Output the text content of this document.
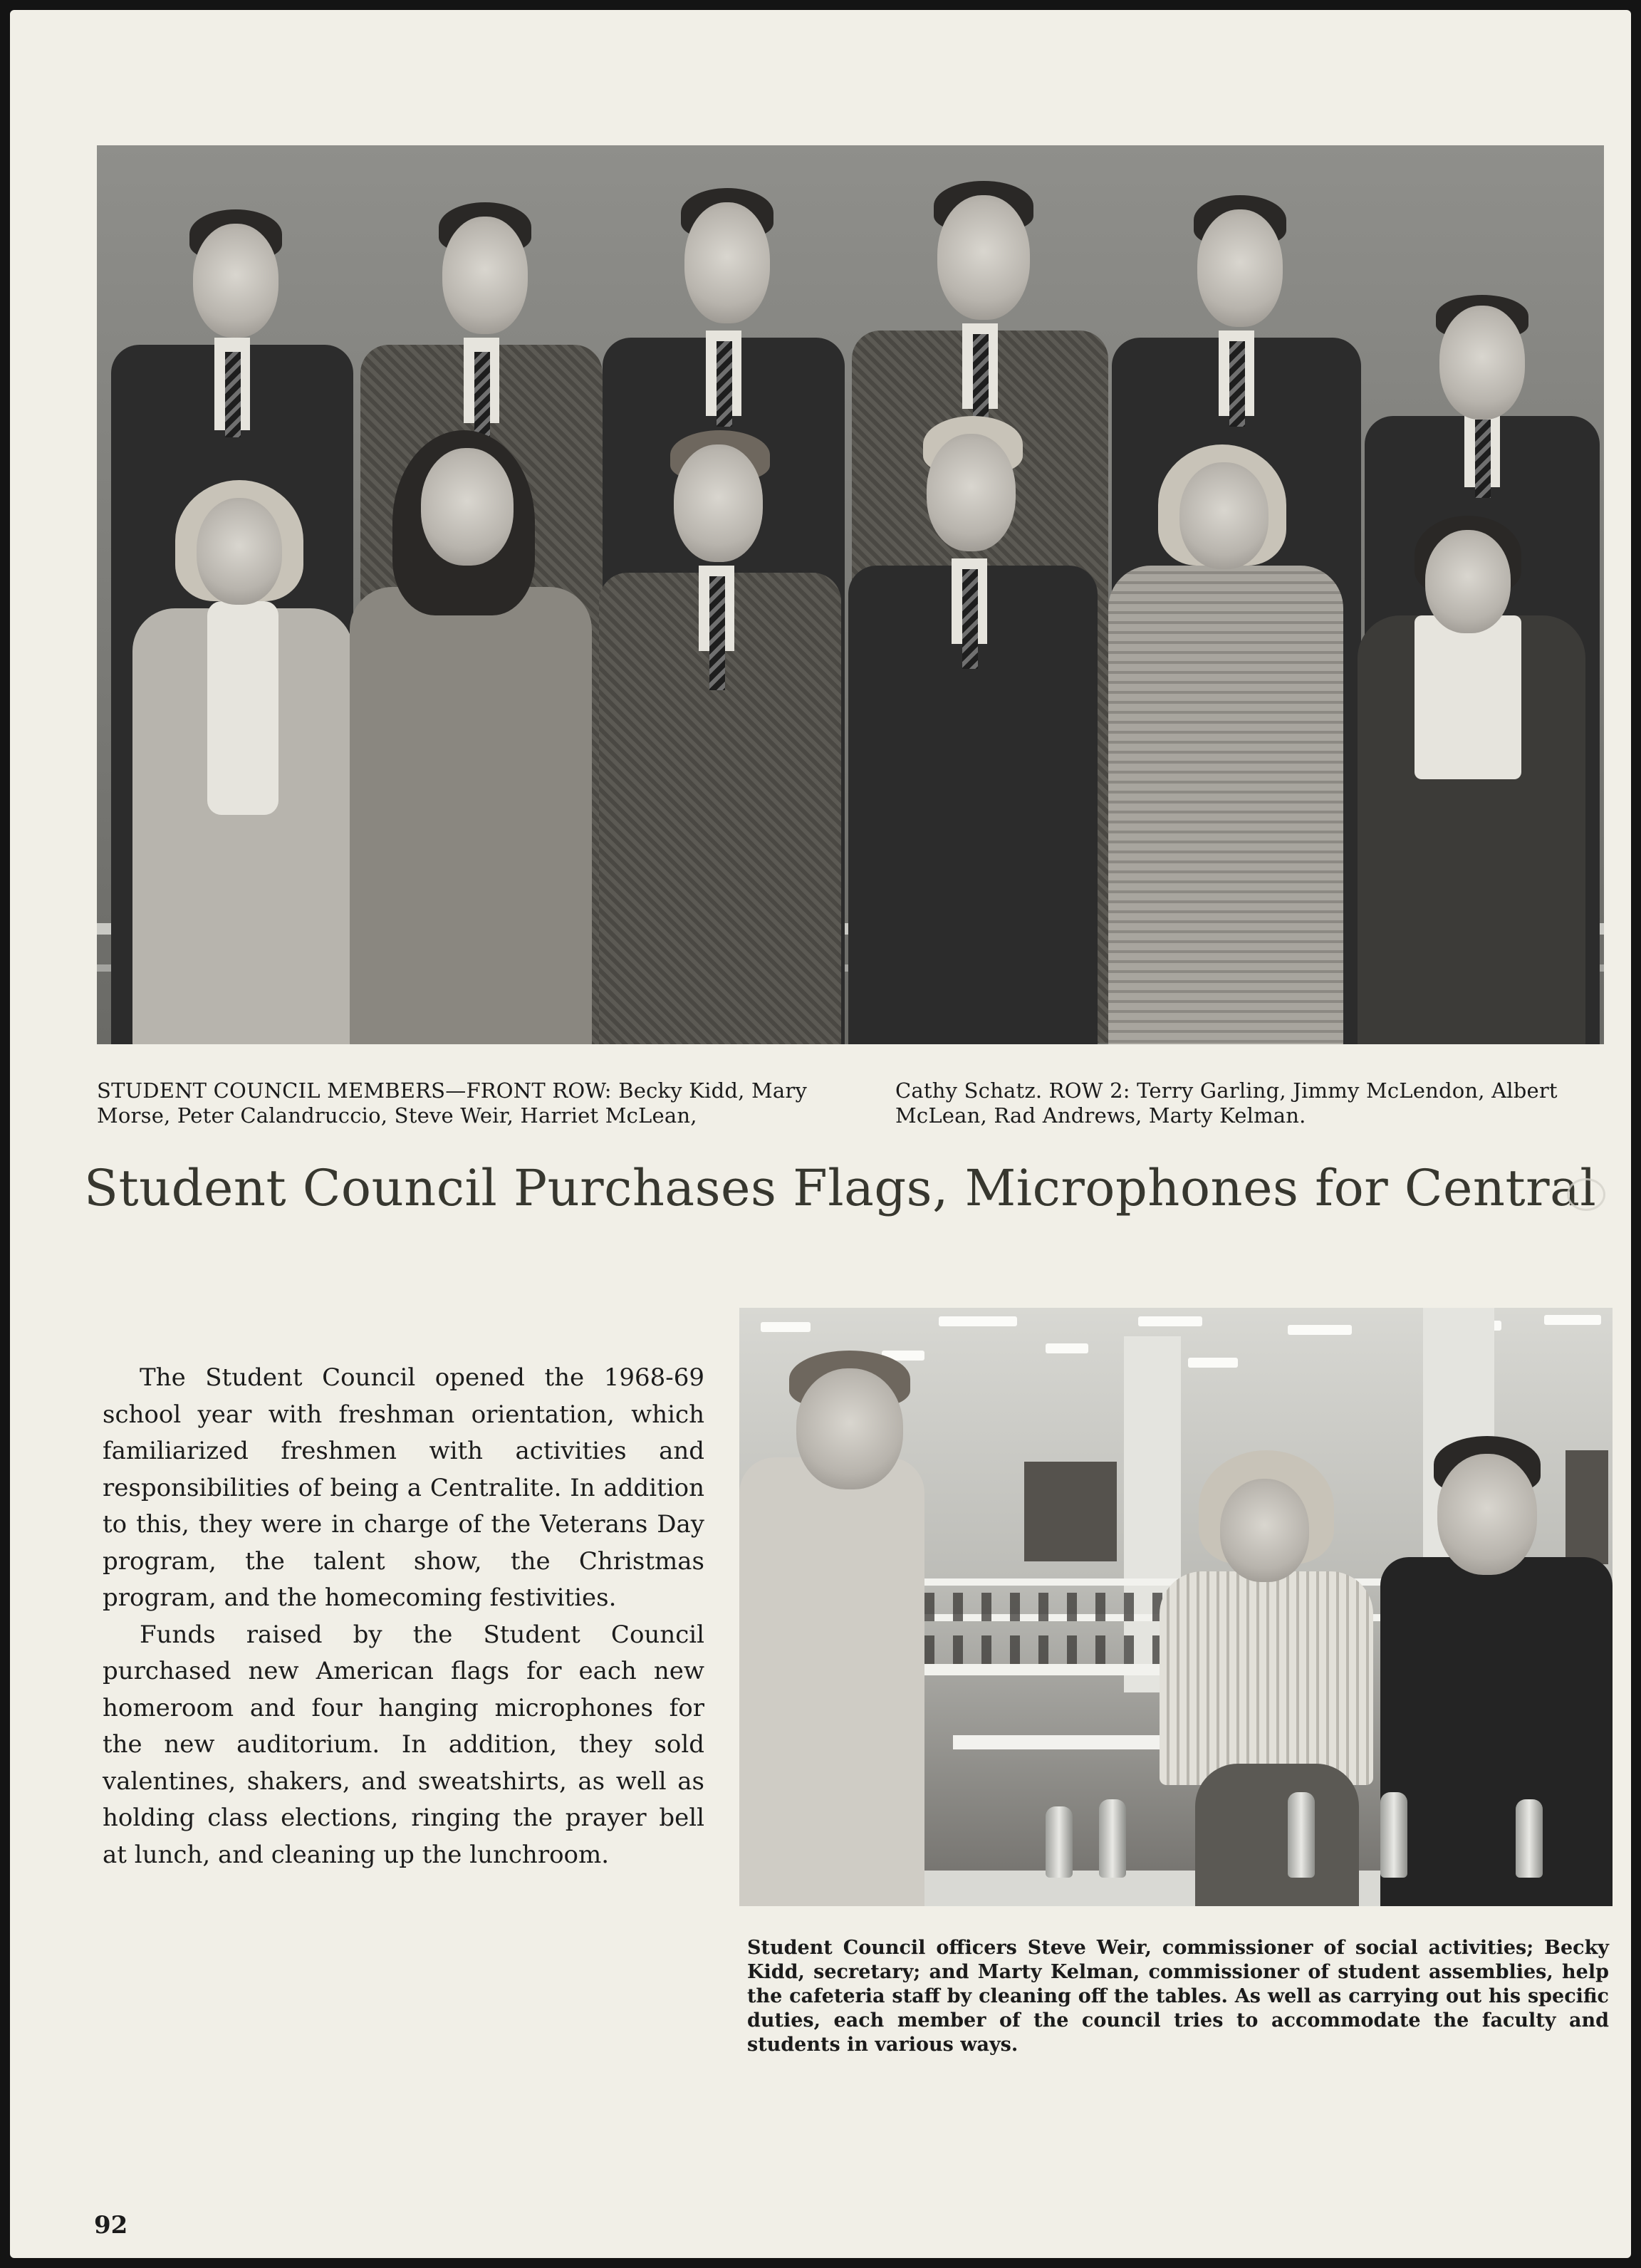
STUDENT COUNCIL MEMBERS—FRONT ROW: Becky Kidd, Mary Morse, Peter Calandruccio, Steve Weir, Harriet McLean,
Cathy Schatz. ROW 2: Terry Garling, Jimmy McLendon, Albert McLean, Rad Andrews, Marty Kelman.
Student Council Purchases Flags, Microphones for Central

The Student Council opened the 1968-69 school year with freshman orientation, which familiarized freshmen with activities and responsibilities of being a Centralite. In addition to this, they were in charge of the Veterans Day program, the talent show, the Christmas program, and the homecoming festivities.

Funds raised by the Student Council purchased new American flags for each new homeroom and four hanging microphones for the new auditorium. In addition, they sold valentines, shakers, and sweatshirts, as well as holding class elections, ringing the prayer bell at lunch, and cleaning up the lunchroom.

Student Council officers Steve Weir, commissioner of social activities; Becky Kidd, secretary; and Marty Kelman, commissioner of student assemblies, help the cafeteria staff by cleaning off the tables. As well as carrying out his specific duties, each member of the council tries to accommodate the faculty and students in various ways.
92
